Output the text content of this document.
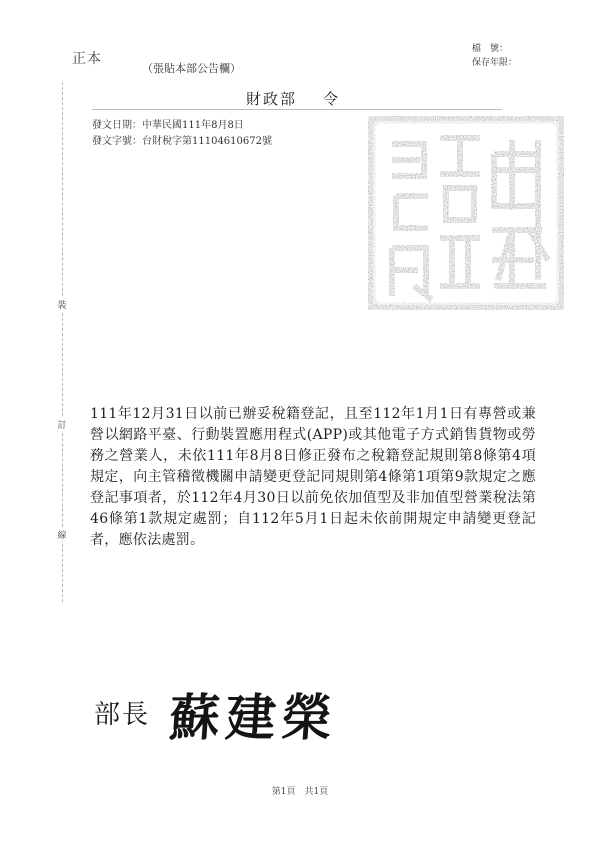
正本
（張貼本部公告欄）
檔　號：
保存年限：
財政部 令
發文日期：中華民國111年8月8日
發文字號：台財稅字第11104610672號
裝
訂
線
111年12月31日以前已辦妥稅籍登記，且至112年1月1日有專營或兼營以網路平臺、行動裝置應用程式(APP)或其他電子方式銷售貨物或勞務之營業人，未依111年8月8日修正發布之稅籍登記規則第8條第4項規定，向主管稽徵機關申請變更登記同規則第4條第1項第9款規定之應登記事項者，於112年4月30日以前免依加值型及非加值型營業稅法第46條第1款規定處罰；自112年5月1日起未依前開規定申請變更登記者，應依法處罰。
部長 蘇建榮
第1頁　共1頁
